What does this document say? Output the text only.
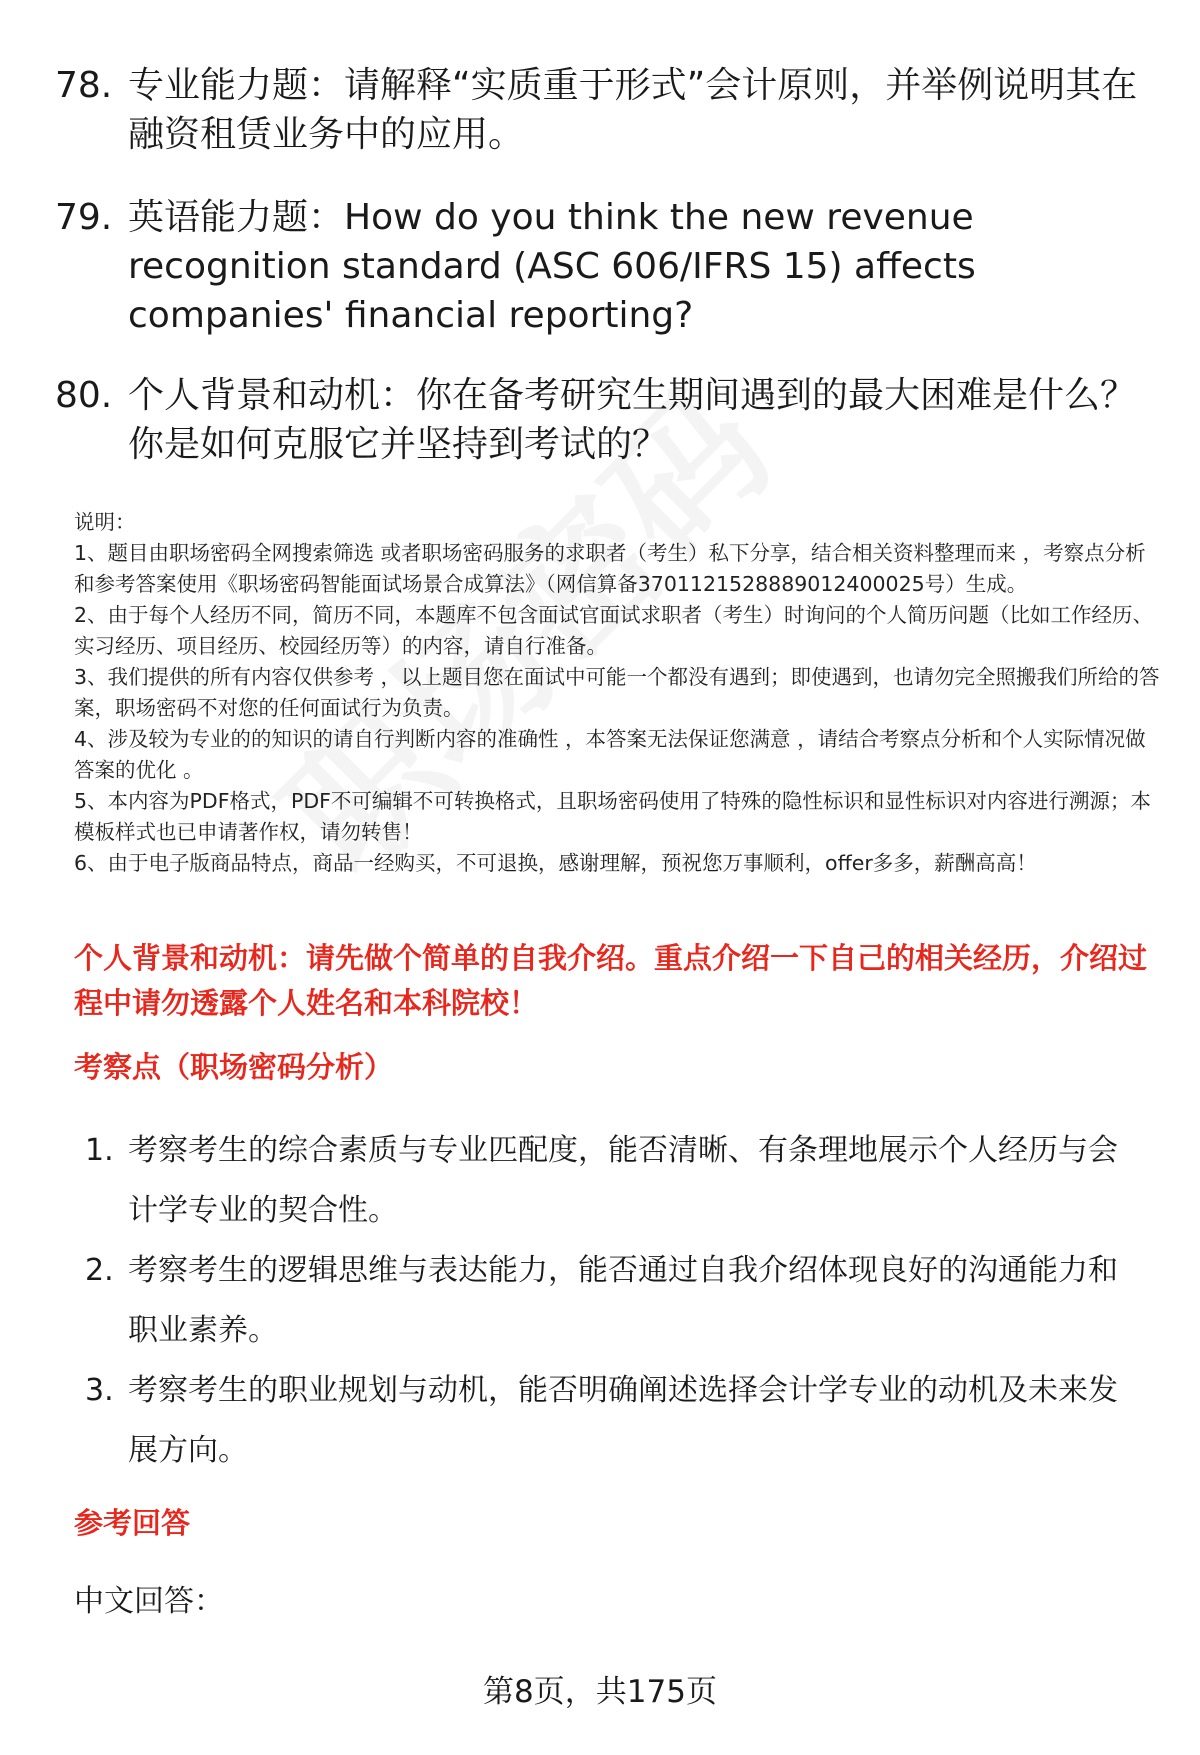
78. 专业能力题：请解释“实质重于形式”会计原则，并举例说明其在融资租赁业务中的应用。
79. 英语能力题：How do you think the new revenue recognition standard (ASC 606/IFRS 15) affects companies' financial reporting?
80. 个人背景和动机：你在备考研究生期间遇到的最大困难是什么？你是如何克服它并坚持到考试的？

说明：

1、题目由职场密码全网搜索筛选 或者职场密码服务的求职者（考生）私下分享，结合相关资料整理而来 ，考察点分析和参考答案使用《职场密码智能面试场景合成算法》（网信算备3701121528889012400025号）生成。

2、由于每个人经历不同，简历不同，本题库不包含面试官面试求职者（考生）时询问的个人简历问题（比如工作经历、实习经历、项目经历、校园经历等）的内容，请自行准备。

3、我们提供的所有内容仅供参考 ，以上题目您在面试中可能一个都没有遇到；即使遇到，也请勿完全照搬我们所给的答案，职场密码不对您的任何面试行为负责。

4、涉及较为专业的的知识的请自行判断内容的准确性 ，本答案无法保证您满意 ，请结合考察点分析和个人实际情况做答案的优化 。

5、本内容为PDF格式，PDF不可编辑不可转换格式，且职场密码使用了特殊的隐性标识和显性标识对内容进行溯源；本模板样式也已申请著作权，请勿转售！

6、由于电子版商品特点，商品一经购买，不可退换，感谢理解，预祝您万事顺利，offer多多，薪酬高高！

个人背景和动机：请先做个简单的自我介绍。重点介绍一下自己的相关经历，介绍过程中请勿透露个人姓名和本科院校！
考察点（职场密码分析）
1. 考察考生的综合素质与专业匹配度，能否清晰、有条理地展示个人经历与会计学专业的契合性。
2. 考察考生的逻辑思维与表达能力，能否通过自我介绍体现良好的沟通能力和职业素养。
3. 考察考生的职业规划与动机，能否明确阐述选择会计学专业的动机及未来发展方向。
参考回答
中文回答：
第8页，共175页
